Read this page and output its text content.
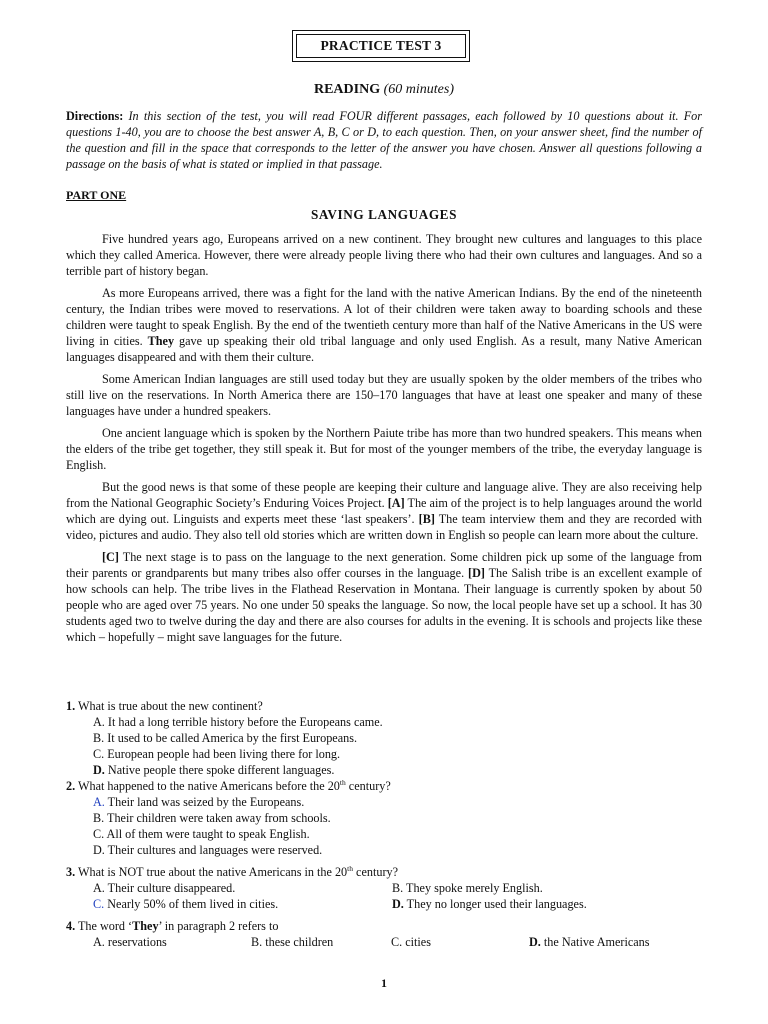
PRACTICE TEST 3
READING (60 minutes)
Directions: In this section of the test, you will read FOUR different passages, each followed by 10 questions about it. For questions 1-40, you are to choose the best answer A, B, C or D, to each question. Then, on your answer sheet, find the number of the question and fill in the space that corresponds to the letter of the answer you have chosen. Answer all questions following a passage on the basis of what is stated or implied in that passage.
PART ONE
SAVING LANGUAGES

Five hundred years ago, Europeans arrived on a new continent. They brought new cultures and languages to this place which they called America. However, there were already people living there who had their own cultures and languages. And so a terrible part of history began.

As more Europeans arrived, there was a fight for the land with the native American Indians. By the end of the nineteenth century, the Indian tribes were moved to reservations. A lot of their children were taken away to boarding schools and these children were taught to speak English. By the end of the twentieth century more than half of the Native Americans in the US were living in cities. They gave up speaking their old tribal language and only used English. As a result, many Native American languages disappeared and with them their culture.

Some American Indian languages are still used today but they are usually spoken by the older members of the tribes who still live on the reservations. In North America there are 150–170 languages that have at least one speaker and many of these languages have under a hundred speakers.

One ancient language which is spoken by the Northern Paiute tribe has more than two hundred speakers. This means when the elders of the tribe get together, they still speak it. But for most of the younger members of the tribe, the everyday language is English.

But the good news is that some of these people are keeping their culture and language alive. They are also receiving help from the National Geographic Society’s Enduring Voices Project. [A] The aim of the project is to help languages around the world which are dying out. Linguists and experts meet these ‘last speakers’. [B] The team interview them and they are recorded with video, pictures and audio. They also tell old stories which are written down in English so people can learn more about the culture.

[C] The next stage is to pass on the language to the next generation. Some children pick up some of the language from their parents or grandparents but many tribes also offer courses in the language. [D] The Salish tribe is an excellent example of how schools can help. The tribe lives in the Flathead Reservation in Montana. Their language is currently spoken by about 50 people who are aged over 75 years. No one under 50 speaks the language. So now, the local people have set up a school. It has 30 students aged two to twelve during the day and there are also courses for adults in the evening. It is schools and projects like these which – hopefully – might save languages for the future.

1. What is true about the new continent?
A. It had a long terrible history before the Europeans came.
B. It used to be called America by the first Europeans.
C. European people had been living there for long.
D. Native people there spoke different languages.
2. What happened to the native Americans before the 20th century?
A. Their land was seized by the Europeans.
B. Their children were taken away from schools.
C. All of them were taught to speak English.
D. Their cultures and languages were reserved.
3. What is NOT true about the native Americans in the 20th century?
A. Their culture disappeared.	B. They spoke merely English.
C. Nearly 50% of them lived in cities.	D. They no longer used their languages.
4. The word ‘They’ in paragraph 2 refers to
A. reservations	B. these children	C. cities	D. the Native Americans
1
